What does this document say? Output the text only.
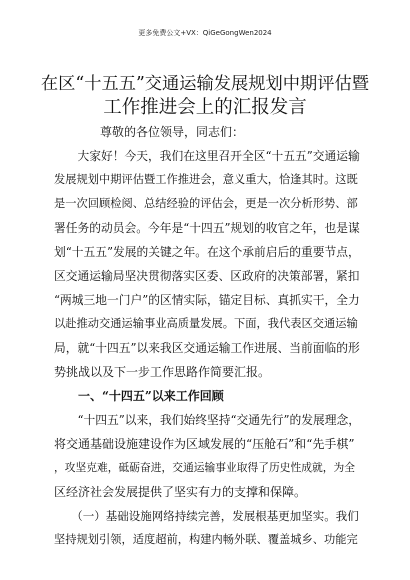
更多免费公文+VX：QiGeGongWen2024
在区“十五五”交通运输发展规划中期评估暨
工作推进会上的汇报发言
尊敬的各位领导，同志们：
　　大家好！今天，我们在这里召开全区“十五五”交通运输
发展规划中期评估暨工作推进会，意义重大，恰逢其时。这既
是一次回顾检阅、总结经验的评估会，更是一次分析形势、部
署任务的动员会。今年是“十四五”规划的收官之年，也是谋
划“十五五”发展的关键之年。在这个承前启后的重要节点，
区交通运输局坚决贯彻落实区委、区政府的决策部署，紧扣
“两城三地一门户”的区情实际，锚定目标、真抓实干，全力
以赴推动交通运输事业高质量发展。下面，我代表区交通运输
局，就“十四五”以来我区交通运输工作进展、当前面临的形
势挑战以及下一步工作思路作简要汇报。
　　一、“十四五”以来工作回顾
　　“十四五”以来，我们始终坚持“交通先行”的发展理念，
将交通基础设施建设作为区域发展的“压舱石”和“先手棋”
，攻坚克难，砥砺奋进，交通运输事业取得了历史性成就，为全
区经济社会发展提供了坚实有力的支撑和保障。
　　（一）基础设施网络持续完善，发展根基更加坚实。我们
坚持规划引领，适度超前，构建内畅外联、覆盖城乡、功能完
